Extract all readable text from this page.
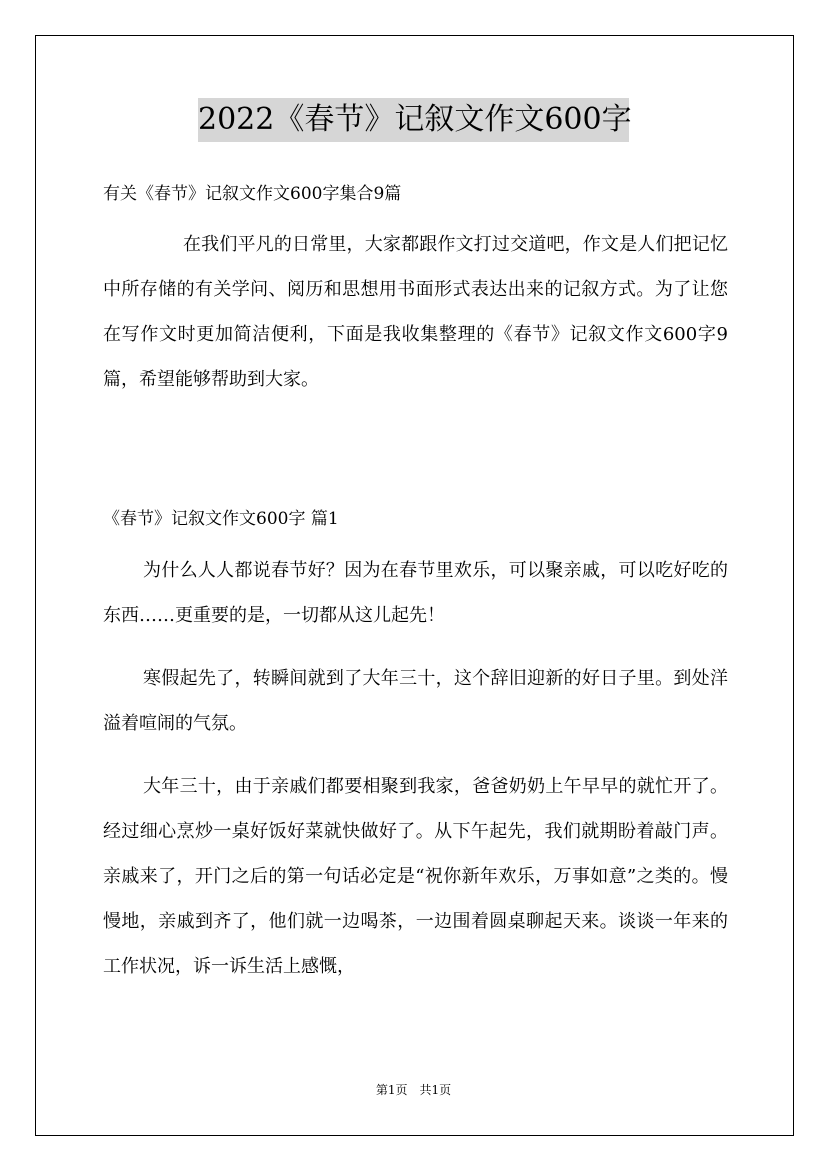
2022《春节》记叙文作文600字
有关《春节》记叙文作文600字集合9篇

在我们平凡的日常里，大家都跟作文打过交道吧，作文是人们把记忆中所存储的有关学问、阅历和思想用书面形式表达出来的记叙方式。为了让您在写作文时更加简洁便利，下面是我收集整理的《春节》记叙文作文600字9篇，希望能够帮助到大家。

《春节》记叙文作文600字 篇1

为什么人人都说春节好？因为在春节里欢乐，可以聚亲戚，可以吃好吃的东西……更重要的是，一切都从这儿起先！

寒假起先了，转瞬间就到了大年三十，这个辞旧迎新的好日子里。到处洋溢着喧闹的气氛。

大年三十，由于亲戚们都要相聚到我家，爸爸奶奶上午早早的就忙开了。经过细心烹炒一桌好饭好菜就快做好了。从下午起先，我们就期盼着敲门声。亲戚来了，开门之后的第一句话必定是“祝你新年欢乐，万事如意”之类的。慢慢地，亲戚到齐了，他们就一边喝茶，一边围着圆桌聊起天来。谈谈一年来的工作状况，诉一诉生活上感慨，

第1页　共1页
